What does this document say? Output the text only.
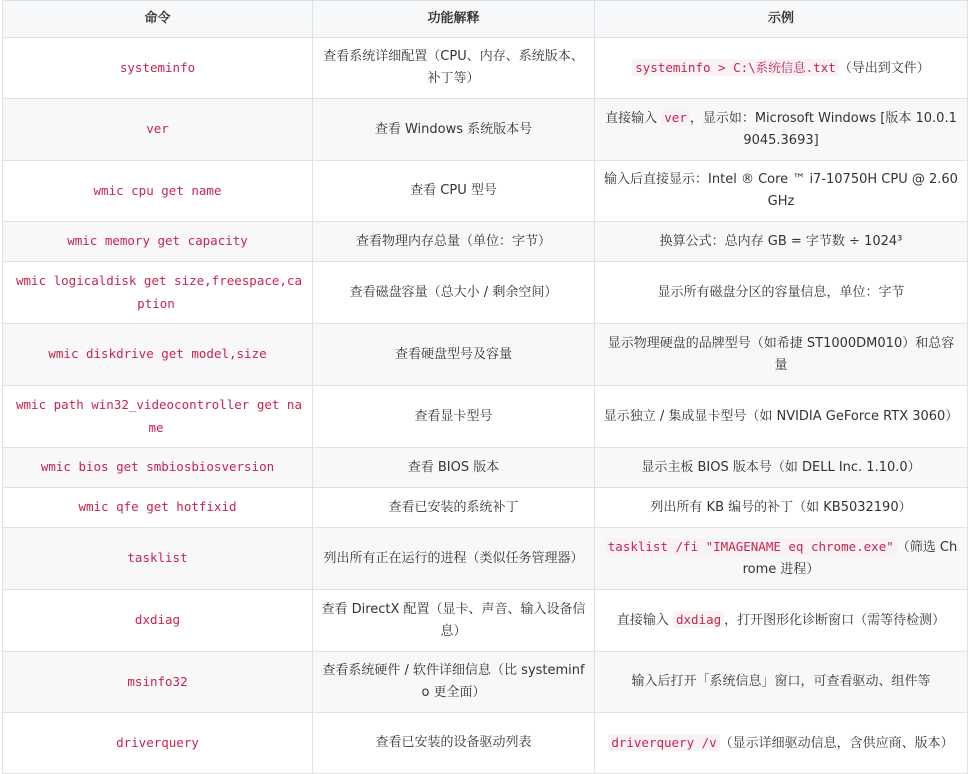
命令	功能解释	示例
systeminfo	查看系统详细配置（CPU、内存、系统版本、补丁等）	systeminfo > C:\系统信息.txt （导出到文件）
ver	查看 Windows 系统版本号	直接输入 ver ，显示如：Microsoft Windows [版本 10.0.19045.3693]
wmic cpu get name	查看 CPU 型号	输入后直接显示：Intel ® Core ™ i7-10750H CPU @ 2.60GHz
wmic memory get capacity	查看物理内存总量（单位：字节）	换算公式：总内存 GB = 字节数 ÷ 1024³
wmic logicaldisk get size,freespace,caption	查看磁盘容量（总大小 / 剩余空间）	显示所有磁盘分区的容量信息，单位：字节
wmic diskdrive get model,size	查看硬盘型号及容量	显示物理硬盘的品牌型号（如希捷 ST1000DM010）和总容量
wmic path win32_videocontroller get name	查看显卡型号	显示独立 / 集成显卡型号（如 NVIDIA GeForce RTX 3060）
wmic bios get smbiosbiosversion	查看 BIOS 版本	显示主板 BIOS 版本号（如 DELL Inc. 1.10.0）
wmic qfe get hotfixid	查看已安装的系统补丁	列出所有 KB 编号的补丁（如 KB5032190）
tasklist	列出所有正在运行的进程（类似任务管理器）	tasklist /fi "IMAGENAME eq chrome.exe" （筛选 Chrome 进程）
dxdiag	查看 DirectX 配置（显卡、声音、输入设备信息）	直接输入 dxdiag ，打开图形化诊断窗口（需等待检测）
msinfo32	查看系统硬件 / 软件详细信息（比 systeminfo 更全面）	输入后打开「系统信息」窗口，可查看驱动、组件等
driverquery	查看已安装的设备驱动列表	driverquery /v （显示详细驱动信息，含供应商、版本）
